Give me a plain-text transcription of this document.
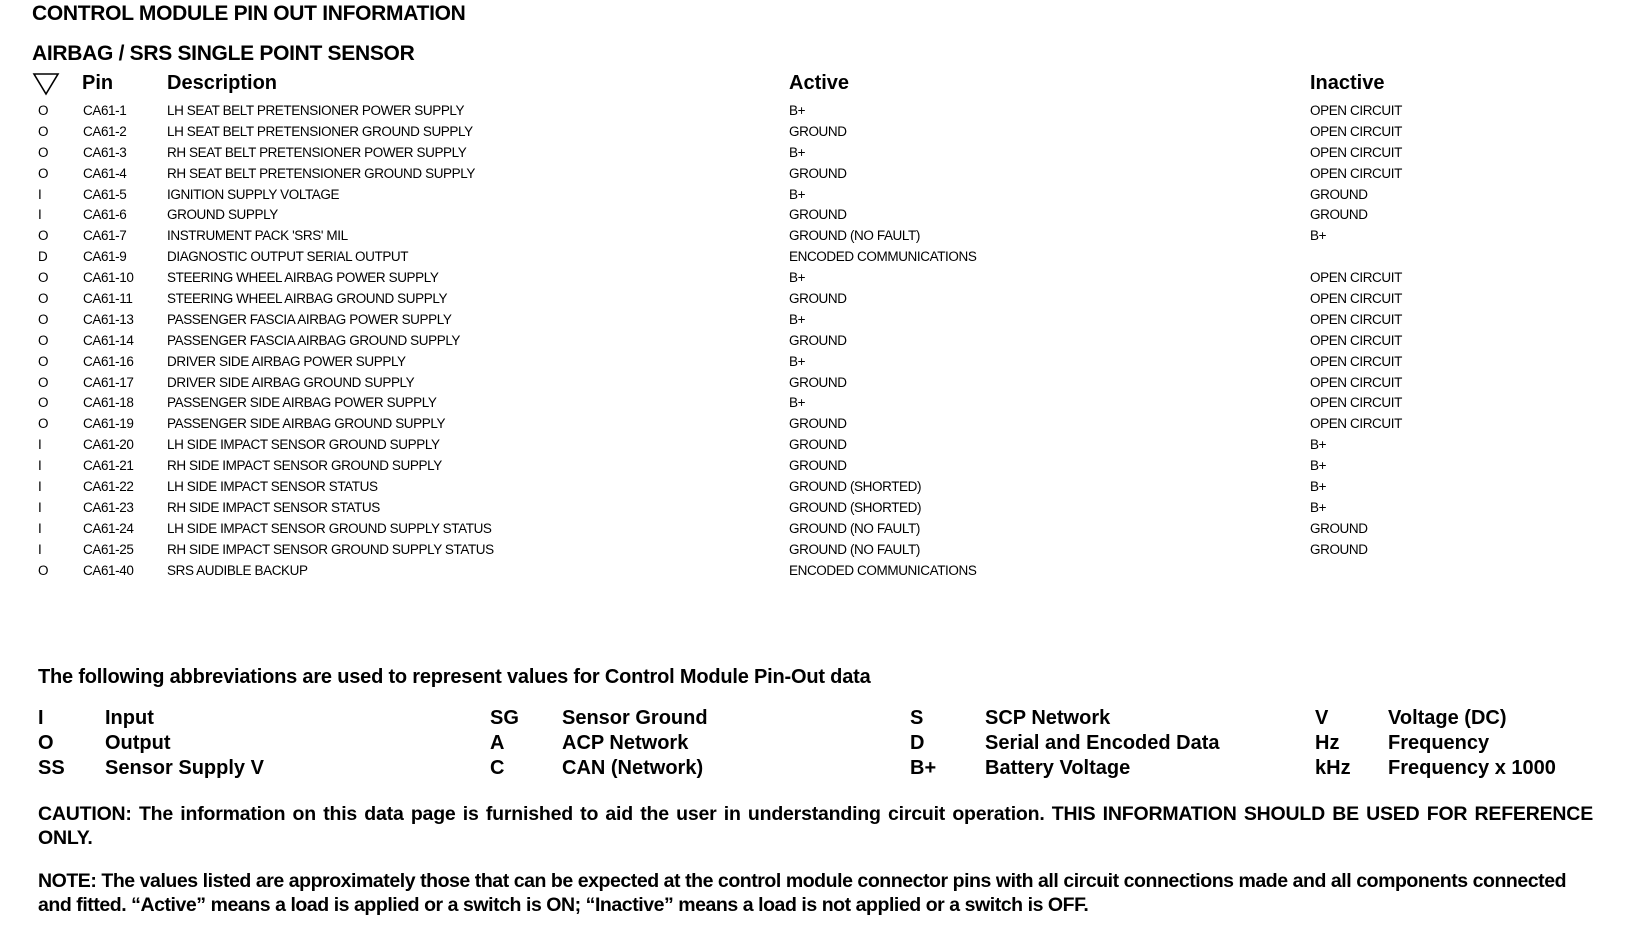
CONTROL MODULE PIN OUT INFORMATION
AIRBAG / SRS SINGLE POINT SENSOR
Pin	Description	Active	Inactive
O	CA61-1	LH SEAT BELT PRETENSIONER POWER SUPPLY	B+	OPEN CIRCUIT
O	CA61-2	LH SEAT BELT PRETENSIONER GROUND SUPPLY	GROUND	OPEN CIRCUIT
O	CA61-3	RH SEAT BELT PRETENSIONER POWER SUPPLY	B+	OPEN CIRCUIT
O	CA61-4	RH SEAT BELT PRETENSIONER GROUND SUPPLY	GROUND	OPEN CIRCUIT
I	CA61-5	IGNITION SUPPLY VOLTAGE	B+	GROUND
I	CA61-6	GROUND SUPPLY	GROUND	GROUND
O	CA61-7	INSTRUMENT PACK 'SRS' MIL	GROUND (NO FAULT)	B+
D	CA61-9	DIAGNOSTIC OUTPUT SERIAL OUTPUT	ENCODED COMMUNICATIONS
O	CA61-10 STEERING WHEEL AIRBAG POWER SUPPLY	B+	OPEN CIRCUIT
O	CA61-11	STEERING WHEEL AIRBAG GROUND SUPPLY	GROUND	OPEN CIRCUIT
O	CA61-13 PASSENGER FASCIA AIRBAG POWER SUPPLY	B+	OPEN CIRCUIT
O	CA61-14 PASSENGER FASCIA AIRBAG GROUND SUPPLY	GROUND	OPEN CIRCUIT
O	CA61-16 DRIVER SIDE AIRBAG POWER SUPPLY	B+	OPEN CIRCUIT
O	CA61-17 DRIVER SIDE AIRBAG GROUND SUPPLY	GROUND	OPEN CIRCUIT
O	CA61-18 PASSENGER SIDE AIRBAG POWER SUPPLY	B+	OPEN CIRCUIT
O	CA61-19 PASSENGER SIDE AIRBAG GROUND SUPPLY	GROUND	OPEN CIRCUIT
I	CA61-20 LH SIDE IMPACT SENSOR GROUND SUPPLY	GROUND	B+
I	CA61-21 RH SIDE IMPACT SENSOR GROUND SUPPLY	GROUND	B+
I	CA61-22 LH SIDE IMPACT SENSOR STATUS	GROUND (SHORTED)	B+
I	CA61-23 RH SIDE IMPACT SENSOR STATUS	GROUND (SHORTED)	B+
I	CA61-24 LH SIDE IMPACT SENSOR GROUND SUPPLY STATUS	GROUND (NO FAULT)	GROUND
I	CA61-25 RH SIDE IMPACT SENSOR GROUND SUPPLY STATUS	GROUND (NO FAULT)	GROUND
O	CA61-40 SRS AUDIBLE BACKUP	ENCODED COMMUNICATIONS
The following abbreviations are used to represent values for Control Module Pin-Out data
I	Input	SG Sensor Ground	S	SCP Network	V	Voltage (DC)
O	Output	A	ACP Network	D	Serial and Encoded Data	Hz Frequency
SS Sensor Supply V	C	CAN (Network)	B+ Battery Voltage	kHz Frequency x 1000
CAUTION: The information on this data page is furnished to aid the user in understanding circuit operation. THIS INFORMATION SHOULD BE USED FOR REFERENCE ONLY.
NOTE: The values listed are approximately those that can be expected at the control module connector pins with all circuit connections made and all components connected and fitted. “Active” means a load is applied or a switch is ON; “Inactive” means a load is not applied or a switch is OFF.
